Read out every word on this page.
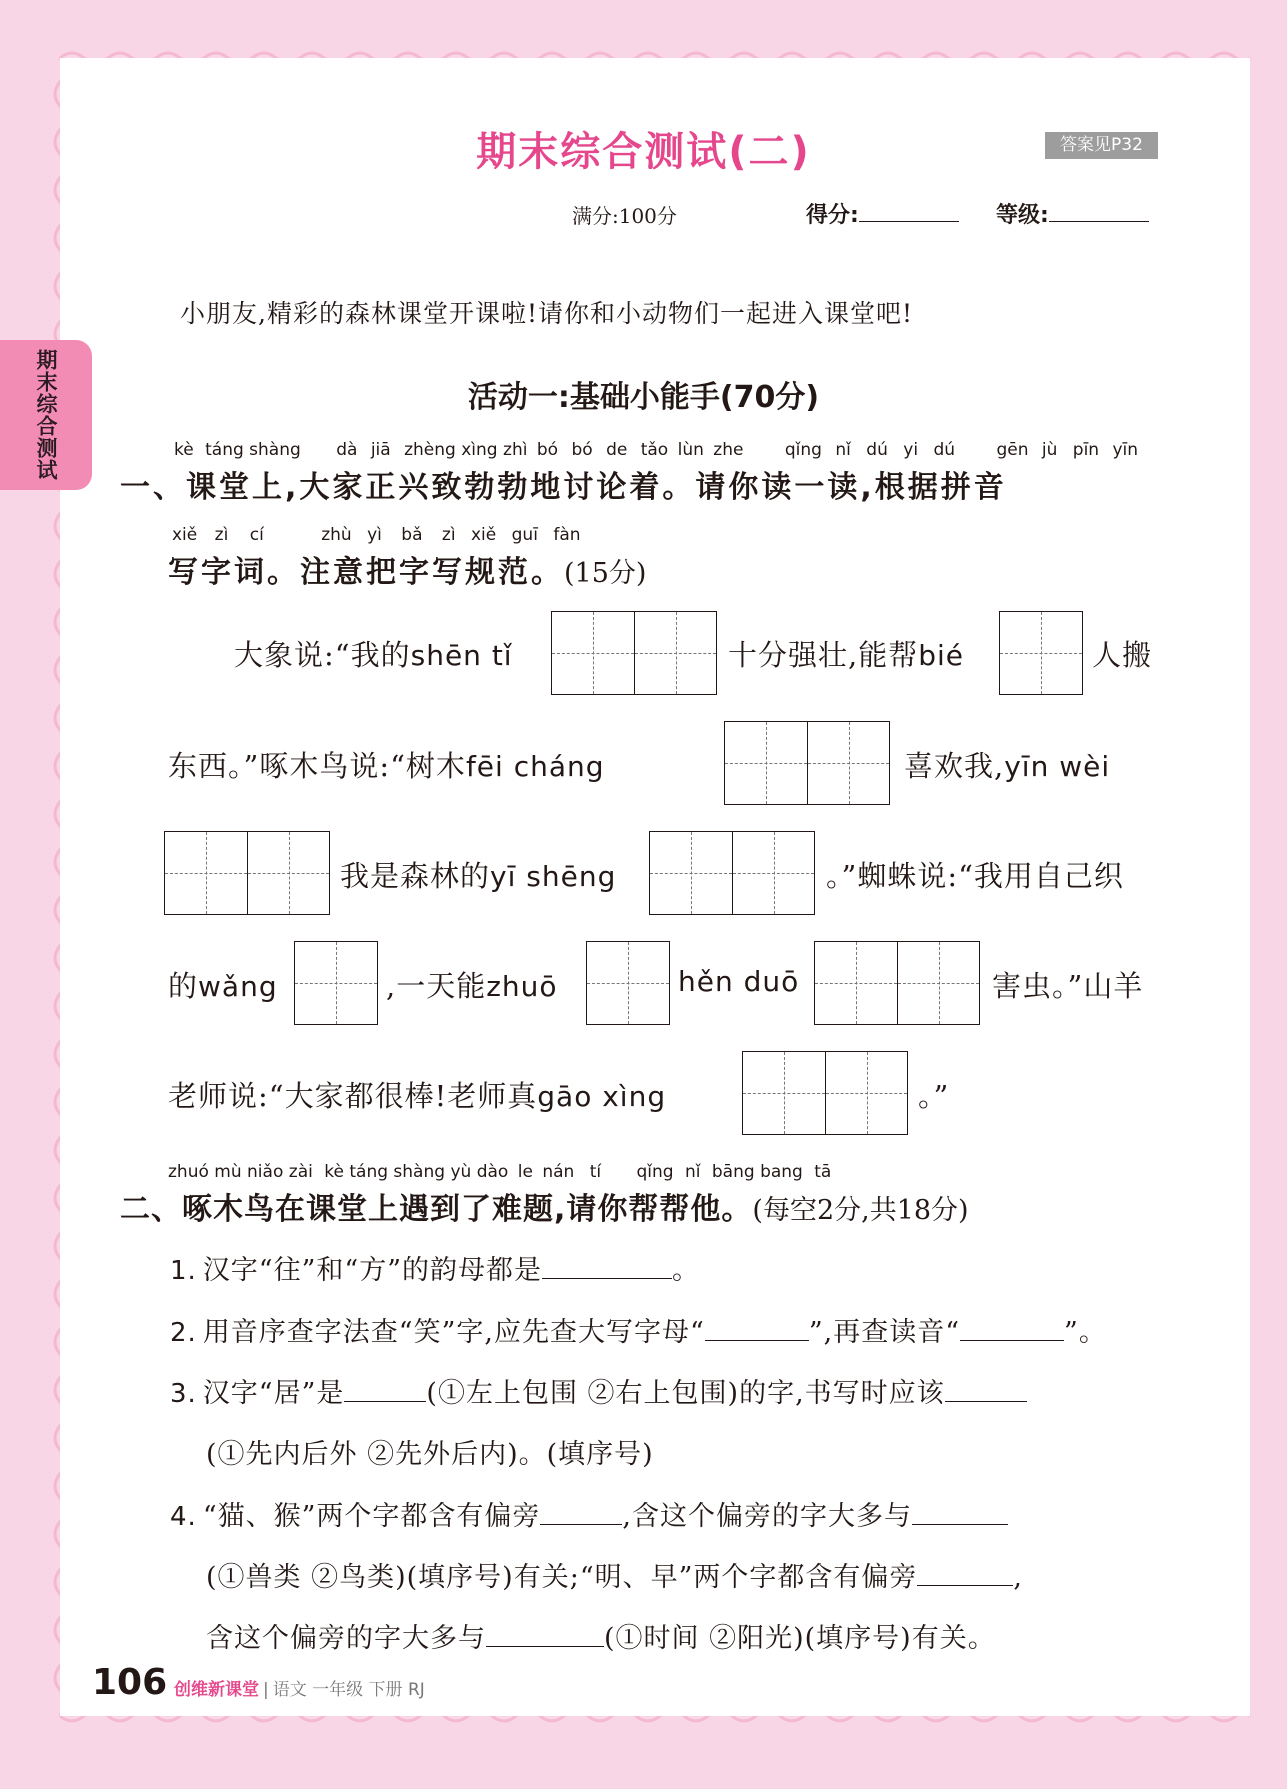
期末综合测试
期末综合测试(二)	答案见P32
满分:100分	得分:	等级:
小朋友,精彩的森林课堂开课啦!请你和小动物们一起进入课堂吧!
活动一:基础小能手(70分)
kè táng shàng dà jiā zhèng xìng zhì bó bó de tǎo lùn zhe qǐng nǐ dú yi dú gēn jù pīn yīn
一、课堂上,大家正兴致勃勃地讨论着。请你读一读,根据拼音
xiě zì cí	zhù yì bǎ zì xiě guī fàn
写字词。注意把字写规范。(15分)
大象说:“我的shēn tǐ	十分强壮,能帮bié	人搬
东西。”啄木鸟说:“树木fēi cháng	喜欢我,yīn wèi
我是森林的yī shēng	。”蜘蛛说:“我用自己织
的wǎng	,一天能zhuō	hěn duō	害虫。”山羊
老师说:“大家都很棒!老师真gāo xìng	。”
zhuó mù niǎo zài kè táng shàng yù dào le nán tí qǐng nǐ bāng bang tā
二、啄木鸟在课堂上遇到了难题,请你帮帮他。(每空2分,共18分)
1. 汉字“往”和“方”的韵母都是	。
2. 用音序查字法查“笑”字,应先查大写字母“	”,再查读音“	”。
3. 汉字“居”是	(①左上包围 ②右上包围)的字,书写时应该
(①先内后外 ②先外后内)。(填序号)
4. “猫、猴”两个字都含有偏旁	,含这个偏旁的字大多与
(①兽类 ②鸟类)(填序号)有关;“明、早”两个字都含有偏旁	,
含这个偏旁的字大多与	(①时间 ②阳光)(填序号)有关。
106 创维新课堂 | 语文 一年级 下册 RJ
